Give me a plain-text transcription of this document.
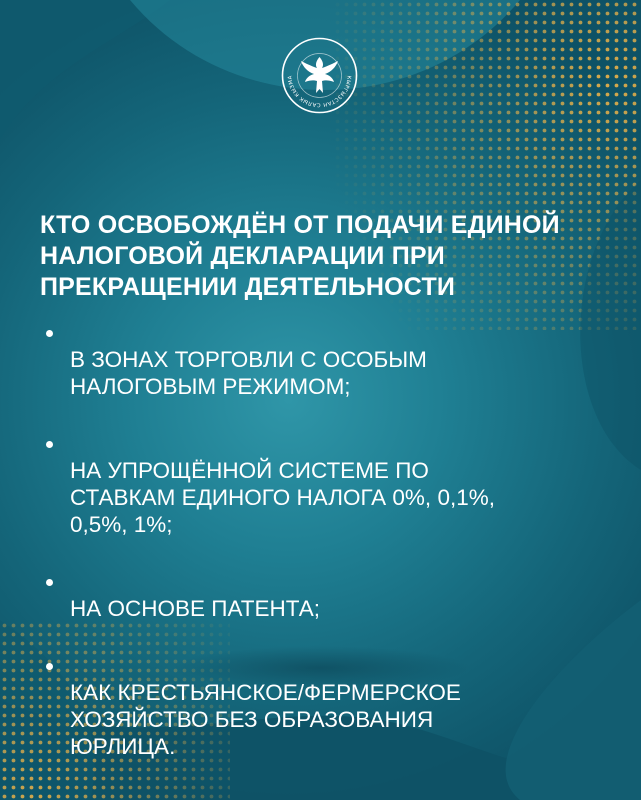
КЫРГЫЗСТАН САЛЫК КЫЗМА
КТО ОСВОБОЖДЁН ОТ ПОДАЧИ ЕДИНОЙ
НАЛОГОВОЙ ДЕКЛАРАЦИИ ПРИ
ПРЕКРАЩЕНИИ ДЕЯТЕЛЬНОСТИ

В ЗОНАХ ТОРГОВЛИ С ОСОБЫМ
НАЛОГОВЫМ РЕЖИМОМ;

НА УПРОЩЁННОЙ СИСТЕМЕ ПО
СТАВКАМ ЕДИНОГО НАЛОГА 0%, 0,1%,
0,5%, 1%;

НА ОСНОВЕ ПАТЕНТА;

КАК КРЕСТЬЯНСКОЕ/ФЕРМЕРСКОЕ
ХОЗЯЙСТВО БЕЗ ОБРАЗОВАНИЯ
ЮРЛИЦА.
